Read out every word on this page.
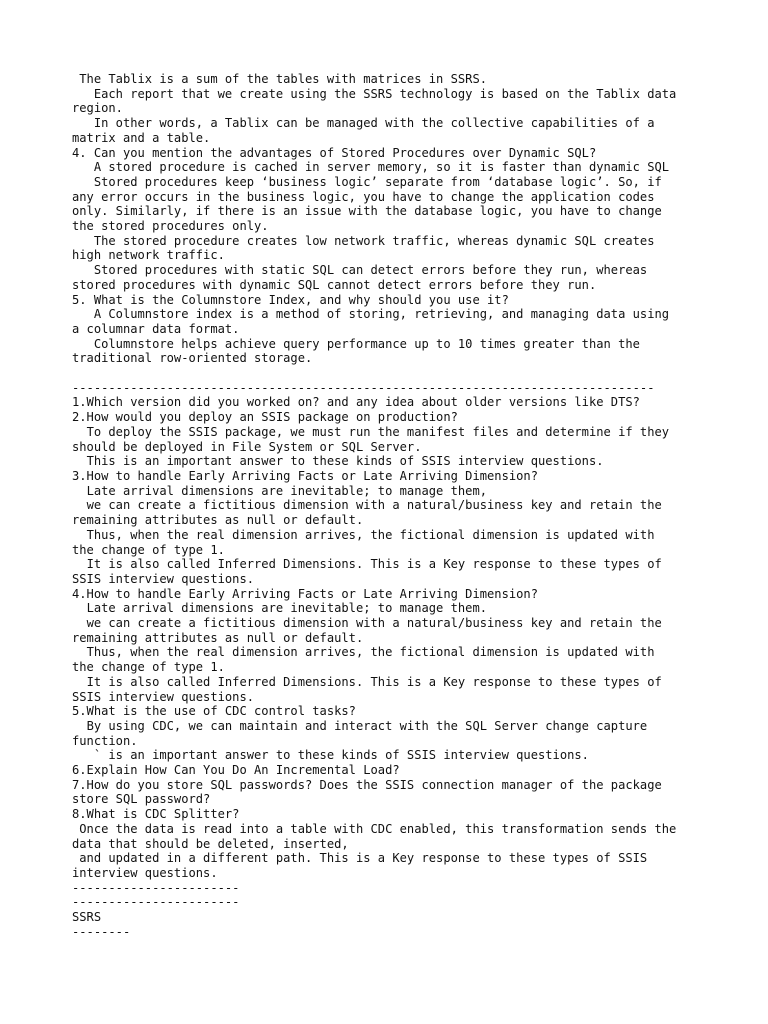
The Tablix is a sum of the tables with matrices in SSRS.
Each report that we create using the SSRS technology is based on the Tablix data
region.
In other words, a Tablix can be managed with the collective capabilities of a
matrix and a table.
4. Can you mention the advantages of Stored Procedures over Dynamic SQL?
A stored procedure is cached in server memory, so it is faster than dynamic SQL
Stored procedures keep ‘business logic’ separate from ‘database logic’. So, if
any error occurs in the business logic, you have to change the application codes
only. Similarly, if there is an issue with the database logic, you have to change
the stored procedures only.
The stored procedure creates low network traffic, whereas dynamic SQL creates
high network traffic.
Stored procedures with static SQL can detect errors before they run, whereas
stored procedures with dynamic SQL cannot detect errors before they run.
5. What is the Columnstore Index, and why should you use it?
A Columnstore index is a method of storing, retrieving, and managing data using
a columnar data format.
Columnstore helps achieve query performance up to 10 times greater than the
traditional row-oriented storage.

--------------------------------------------------------------------------------
1.Which version did you worked on? and any idea about older versions like DTS?
2.How would you deploy an SSIS package on production?
To deploy the SSIS package, we must run the manifest files and determine if they
should be deployed in File System or SQL Server.
This is an important answer to these kinds of SSIS interview questions.
3.How to handle Early Arriving Facts or Late Arriving Dimension?
Late arrival dimensions are inevitable; to manage them,
we can create a fictitious dimension with a natural/business key and retain the
remaining attributes as null or default.
Thus, when the real dimension arrives, the fictional dimension is updated with
the change of type 1.
It is also called Inferred Dimensions. This is a Key response to these types of
SSIS interview questions.
4.How to handle Early Arriving Facts or Late Arriving Dimension?
Late arrival dimensions are inevitable; to manage them.
we can create a fictitious dimension with a natural/business key and retain the
remaining attributes as null or default.
Thus, when the real dimension arrives, the fictional dimension is updated with
the change of type 1.
It is also called Inferred Dimensions. This is a Key response to these types of
SSIS interview questions.
5.What is the use of CDC control tasks?
By using CDC, we can maintain and interact with the SQL Server change capture
function.
` is an important answer to these kinds of SSIS interview questions.
6.Explain How Can You Do An Incremental Load?
7.How do you store SQL passwords? Does the SSIS connection manager of the package
store SQL password?
8.What is CDC Splitter?
Once the data is read into a table with CDC enabled, this transformation sends the
data that should be deleted, inserted,
and updated in a different path. This is a Key response to these types of SSIS
interview questions.
-----------------------
-----------------------
SSRS
--------
